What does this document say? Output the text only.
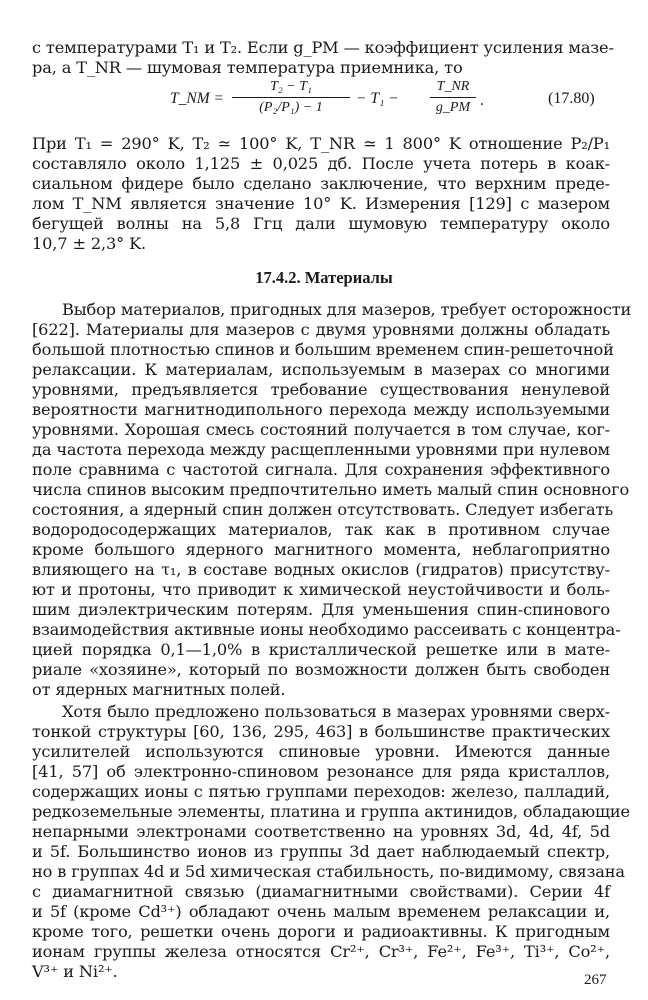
с температурами T₁ и T₂. Если g_PM — коэффициент усиления мазе-
ра, а T_NR — шумовая температура приемника, то
T_NM =
T₂ − T₁
(P₂/P₁) − 1
− T₁ −
T_NR
g_PM .	(17.80)
При T₁ = 290° K, T₂ ≃ 100° K, T_NR ≃ 1 800° K отношение P₂/P₁
составляло около 1,125 ± 0,025 дб. После учета потерь в коак-
сиальном фидере было сделано заключение, что верхним преде-
лом T_NM является значение 10° K. Измерения [129] с мазером
бегущей волны на 5,8 Ггц дали шумовую температуру около
10,7 ± 2,3° K.
17.4.2. Материалы
Выбор материалов, пригодных для мазеров, требует осторожности
[622]. Материалы для мазеров с двумя уровнями должны обладать
большой плотностью спинов и большим временем спин-решеточной
релаксации. К материалам, используемым в мазерах со многими
уровнями, предъявляется требование существования ненулевой
вероятности магнитнодипольного перехода между используемыми
уровнями. Хорошая смесь состояний получается в том случае, ког-
да частота перехода между расщепленными уровнями при нулевом
поле сравнима с частотой сигнала. Для сохранения эффективного
числа спинов высоким предпочтительно иметь малый спин основного
состояния, а ядерный спин должен отсутствовать. Следует избегать
водородосодержащих материалов, так как в противном случае
кроме большого ядерного магнитного момента, неблагоприятно
влияющего на τ₁, в составе водных окислов (гидратов) присутству-
ют и протоны, что приводит к химической неустойчивости и боль-
шим диэлектрическим потерям. Для уменьшения спин-спинового
взаимодействия активные ионы необходимо рассеивать с концентра-
цией порядка 0,1—1,0% в кристаллической решетке или в мате-
риале «хозяине», который по возможности должен быть свободен
от ядерных магнитных полей.
Хотя было предложено пользоваться в мазерах уровнями сверх-
тонкой структуры [60, 136, 295, 463] в большинстве практических
усилителей используются спиновые уровни. Имеются данные
[41, 57] об электронно-спиновом резонансе для ряда кристаллов,
содержащих ионы с пятью группами переходов: железо, палладий,
редкоземельные элементы, платина и группа актинидов, обладающие
непарными электронами соответственно на уровнях 3d, 4d, 4f, 5d
и 5f. Большинство ионов из группы 3d дает наблюдаемый спектр,
но в группах 4d и 5d химическая стабильность, по-видимому, связана
с диамагнитной связью (диамагнитными свойствами). Серии 4f
и 5f (кроме Cd³⁺) обладают очень малым временем релаксации и,
кроме того, решетки очень дороги и радиоактивны. К пригодным
ионам группы железа относятся Cr²⁺, Cr³⁺, Fe²⁺, Fe³⁺, Ti³⁺, Co²⁺,
V³⁺ и Ni²⁺.	267
